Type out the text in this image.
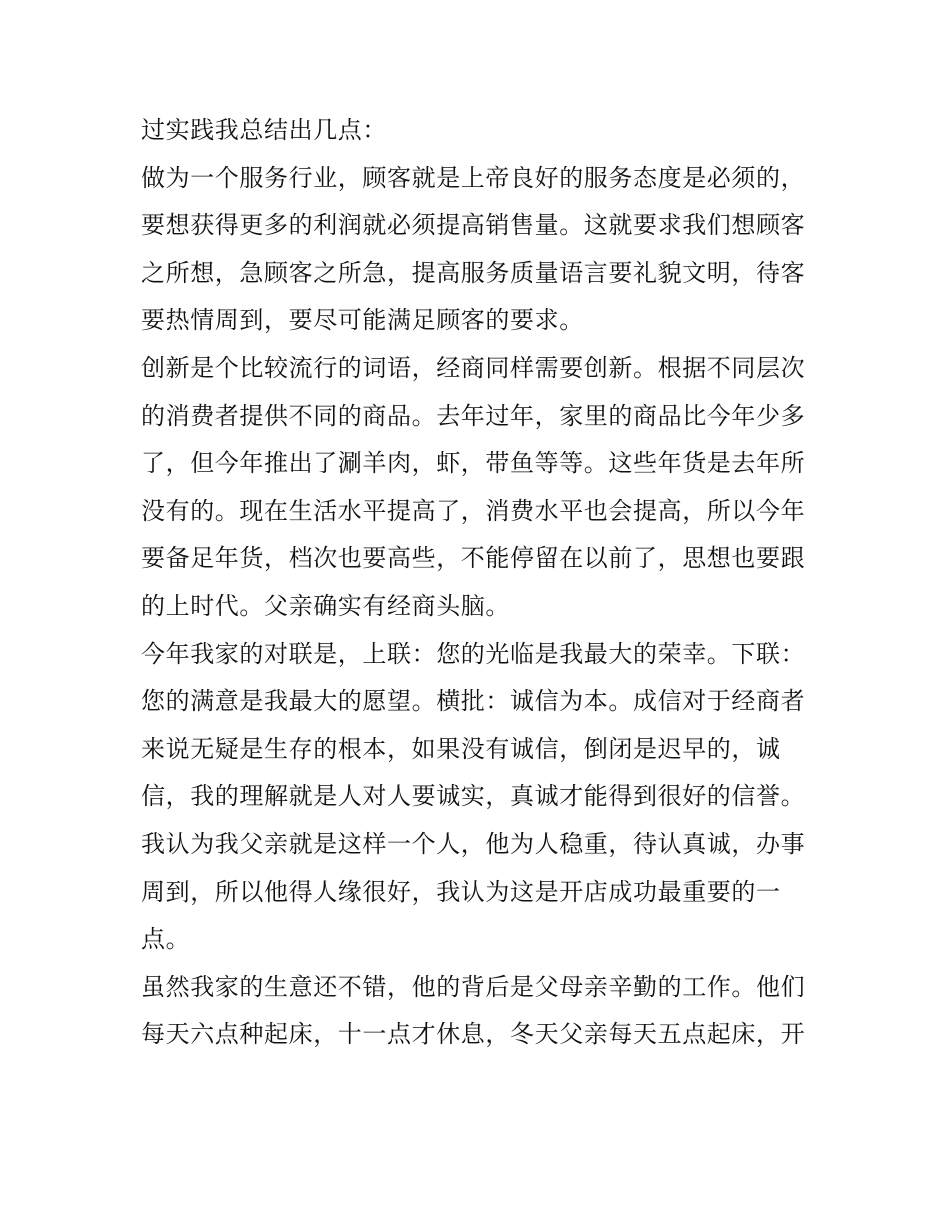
过实践我总结出几点：
做为一个服务行业，顾客就是上帝良好的服务态度是必须的，
要想获得更多的利润就必须提高销售量。这就要求我们想顾客
之所想，急顾客之所急，提高服务质量语言要礼貌文明，待客
要热情周到，要尽可能满足顾客的要求。
创新是个比较流行的词语，经商同样需要创新。根据不同层次
的消费者提供不同的商品。去年过年，家里的商品比今年少多
了，但今年推出了涮羊肉，虾，带鱼等等。这些年货是去年所
没有的。现在生活水平提高了，消费水平也会提高，所以今年
要备足年货，档次也要高些，不能停留在以前了，思想也要跟
的上时代。父亲确实有经商头脑。
今年我家的对联是，上联：您的光临是我最大的荣幸。下联：
您的满意是我最大的愿望。横批：诚信为本。成信对于经商者
来说无疑是生存的根本，如果没有诚信，倒闭是迟早的，诚
信，我的理解就是人对人要诚实，真诚才能得到很好的信誉。
我认为我父亲就是这样一个人，他为人稳重，待认真诚，办事
周到，所以他得人缘很好，我认为这是开店成功最重要的一
点。
虽然我家的生意还不错，他的背后是父母亲辛勤的工作。他们
每天六点种起床，十一点才休息，冬天父亲每天五点起床，开
